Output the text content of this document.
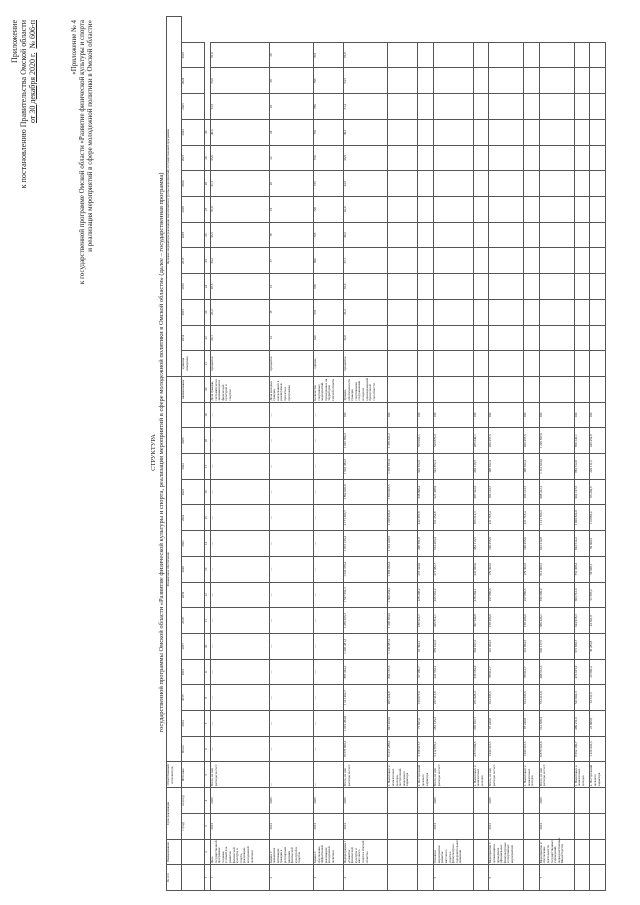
Приложение к постановлению Правительства Омской области от 30 декабря 2020 г.  № 606-п	«Приложение № 4 к государственной программе Омской области «Развитие физической культуры и спорта и реализация мероприятий в сфере молодежной политики в Омской области»
СТРУКТУРА государственной программы Омской области «Развитие физической культуры и спорта, реализация мероприятий в сфере молодежной политики в Омской области» (далее – государственная программа)
№ п/п	Наименование	Срок реализации		Ответственный исполнитель	Финансовое обеспечение															Целевые индикаторы реализации мероприятия (группы мероприятий) государственной программы												
		с (год)	по (год)	Источник	Всего	2014	2015	2016	2017	2018	2019	2020	2021	2022	2023	2024	2025		наименование	единица измерения	2014	2015	2016	2017	2018	2019	2020	2021	2022	2023	2024	2025
1	2	3	4	5	6	7	8	9	10	11	12	13	14	15	16	17	18	19	20	21	22	23	24	25	26	27	28	29	30			
1	Цель государственной программы: создание условий для развития физической культуры и спорта, реализации молодежной политики	2014	2025	Всего, из них расходы за счет:	—	—	—	—	—	—	—	—	—	—	—	—	—	—	Доля граждан, систематически занимающихся физической культурой и спортом	процентов	24,1	26,3	28,5	30,2	33,6	37,0	41,1	45,0	49,3	53,5	55,0	55,0
2	Задача 1: повышение мотивации граждан к регулярным занятиям физической культурой и спортом	2014	2025	—	—	—	—	—	—	—	—	—	—	—	—	—	—	—	Доля молодых граждан, вовлеченных в реализуемые проекты и программы	процентов	14	15	16	17	18	19	20	22	24	26	28	30
3	Задача 2: обеспечение эффективной реализации молодежной политики	2014	2025	—	—	—	—	—	—	—	—	—	—	—	—	—	—	—	Количество спортивных мероприятий, проведенных на территории Омской области	единиц	640	655	670	690	705	720	735	750	765	780	795	810
4	Подпрограмма 1 «Развитие физической культуры и массового спорта в Омской области»	2014	2025	Всего, из них расходы за счет:	18 575 906,3	1 019 284,9	1 121 402,7	887 344,2	1 206 481,3	1 456 925,3	1 537 662,3	1 641 376,4	1 815 210,4	2 171 403,7	1 892 046,9	1 901 384,5	1 925 384,3	100	Уровень обеспеченности граждан спортивными сооружениями исходя из единовременной пропускной способности	процентов	32,0	33,4	35,0	37,1	39,6	42,0	44,5	46,9	49,1	51,2	53,5	55,8
				1. Налоговых и неналоговых доходов, поступлений нецелевого характера	15 417 288,6	947 463,9	965 324,8	830 157,5	1 145 087,2	1 268 303,6	1 309 454,1	1 384 052,4	1 516 428,6	1 728 935,9	1 553 947,5	1 397 811,9	1 370 321,2	100														
				2. Поступлений целевого характера	3 158 617,7	71 821,0	156 077,9	57 186,7	61 394,1	188 621,7	228 208,2	257 324,0	298 781,8	442 467,8	338 099,4	503 572,6	555 063,1	100														
5	Основное мероприятие: развитие массового спорта и физкультурно-оздоровительного движения	2014	2025	Всего, из них расходы за счет:	5 212 876,1	282 145,3	267 413,8	241 563,2	379 412,6	426 812,1	445 601,2	471 382,7	514 203,4	611 254,8	521 338,9	524 872,1	526 876,0	100														
				1. Налоговых и неналоговых доходов	4 873 604,5	265 107,1	251 028,4	230 184,9	364 107,2	397 540,8	418 294,1	441 926,0	482 113,5	566 214,3	487 322,6	484 116,5	485 649,1	100														
6	Мероприятие 1: организация и проведение официальных физкультурных и спортивных мероприятий	2014	2025	Всего, из них расходы за счет:	1 944 321,5	97 240,8	104 335,6	88 912,7	141 064,3	158 206,0	167 880,5	179 302,6	190 455,9	221 718,4	196 114,7	198 632,4	200 457,6	100														
				1. Налоговых и неналоговых доходов	1 944 321,5	97 240,8	104 335,6	88 912,7	141 064,3	158 206,0	167 880,5	179 302,6	190 455,9	221 718,4	196 114,7	198 632,4	200 457,6	100														
7	Мероприятие 2: обеспечение деятельности государственных учреждений, подведомственных Министерству	2014	2025	Всего, из них расходы за счет:	9 876 543,0	512 308,4	574 213,9	498 612,3	602 117,5	689 420,1	745 309,2	812 006,5	913 214,8	1 121 706,3	998 412,1	1 112 624,0	1 296 597,9	100														
				1. Налоговых и неналоговых доходов	8 652 109,7	489 211,6	541 902,3	472 015,9	571 830,7	644 918,3	693 712,0	752 308,4	843 614,2	1 006 822,9	902 117,5	883 512,8	850 143,1	100														
				2. Поступлений целевого характера	1 224 433,3	23 096,8	32 311,6	26 596,4	30 286,8	44 501,8	51 597,2	59 698,1	69 600,6	114 883,4	96 294,6	229 111,2	446 454,8	100														
